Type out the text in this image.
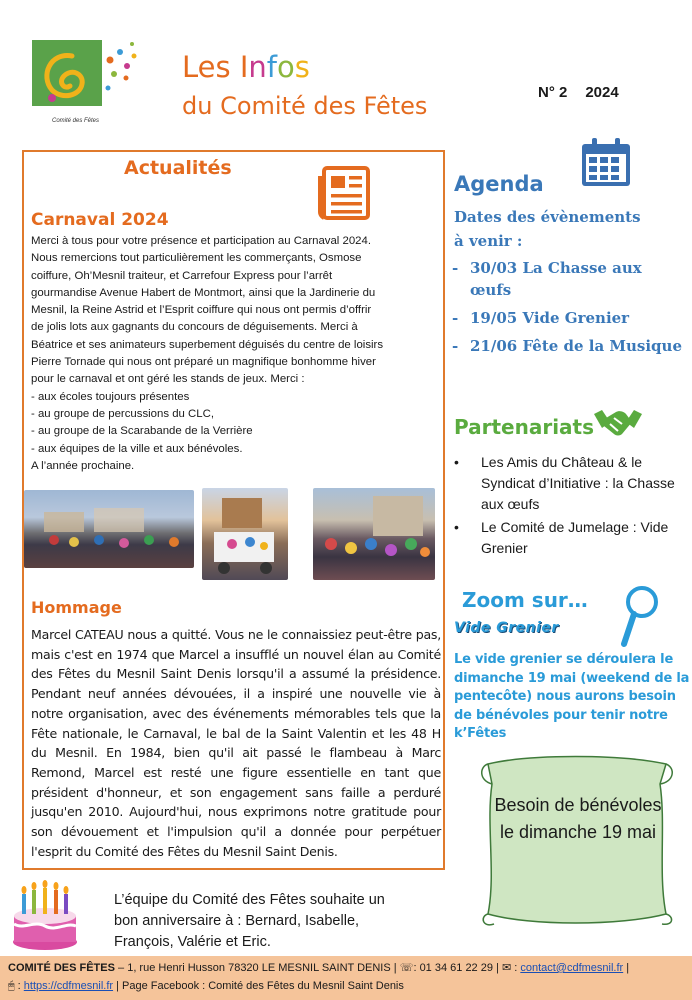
Comité des Fêtes
Les Infos
du Comité des Fêtes	N° 2 2024
Actualités
Carnaval 2024
Merci à tous pour votre présence et participation au Carnaval 2024.
Nous remercions tout particulièrement les commerçants, Osmose
coiffure, Oh’Mesnil traiteur, et Carrefour Express pour l’arrêt
gourmandise Avenue Habert de Montmort, ainsi que la Jardinerie du
Mesnil, la Reine Astrid et l’Esprit coiffure qui nous ont permis d’offrir
de jolis lots aux gagnants du concours de déguisements. Merci à
Béatrice et ses animateurs superbement déguisés du centre de loisirs
Pierre Tornade qui nous ont préparé un magnifique bonhomme hiver
pour le carnaval et ont géré les stands de jeux. Merci :
- aux écoles toujours présentes
- au groupe de percussions du CLC,
- au groupe de la Scarabande de la Verrière
- aux équipes de la ville et aux bénévoles.
A l’année prochaine.
Hommage
Marcel CATEAU nous a quitté. Vous ne le connaissiez peut-être pas, mais c'est en 1974 que Marcel a insufflé un nouvel élan au Comité des Fêtes du Mesnil Saint Denis lorsqu'il a assumé la présidence. Pendant neuf années dévouées, il a inspiré une nouvelle vie à notre organisation, avec des événements mémorables tels que la Fête nationale, le Carnaval, le bal de la Saint Valentin et les 48 H du Mesnil. En 1984, bien qu'il ait passé le flambeau à Marc Remond, Marcel est resté une figure essentielle en tant que président d'honneur, et son engagement sans faille a perduré jusqu'en 2010. Aujourd'hui, nous exprimons notre gratitude pour son dévouement et l'impulsion qu'il a donnée pour perpétuer l'esprit du Comité des Fêtes du Mesnil Saint Denis.
Agenda
Dates des évènements à venir :
- 30/03 La Chasse aux œufs
- 19/05 Vide Grenier
- 21/06 Fête de la Musique
Partenariats
•	Les Amis du Château & le Syndicat d’Initiative : la Chasse aux œufs
•	Le Comité de Jumelage : Vide Grenier
Zoom sur…
Vide Grenier
Le vide grenier se déroulera le dimanche 19 mai (weekend de la pentecôte) nous aurons besoin de bénévoles pour tenir notre k’Fêtes
Besoin de bénévoles le dimanche 19 mai
L’équipe du Comité des Fêtes souhaite un bon anniversaire à : Bernard, Isabelle, François, Valérie et Eric.
COMITÉ DES FÊTES – 1, rue Henri Husson 78320 LE MESNIL SAINT DENIS | ☏: 01 34 61 22 29 | ✉ : contact@cdfmesnil.fr |
🖱 : https://cdfmesnil.fr | Page Facebook : Comité des Fêtes du Mesnil Saint Denis
